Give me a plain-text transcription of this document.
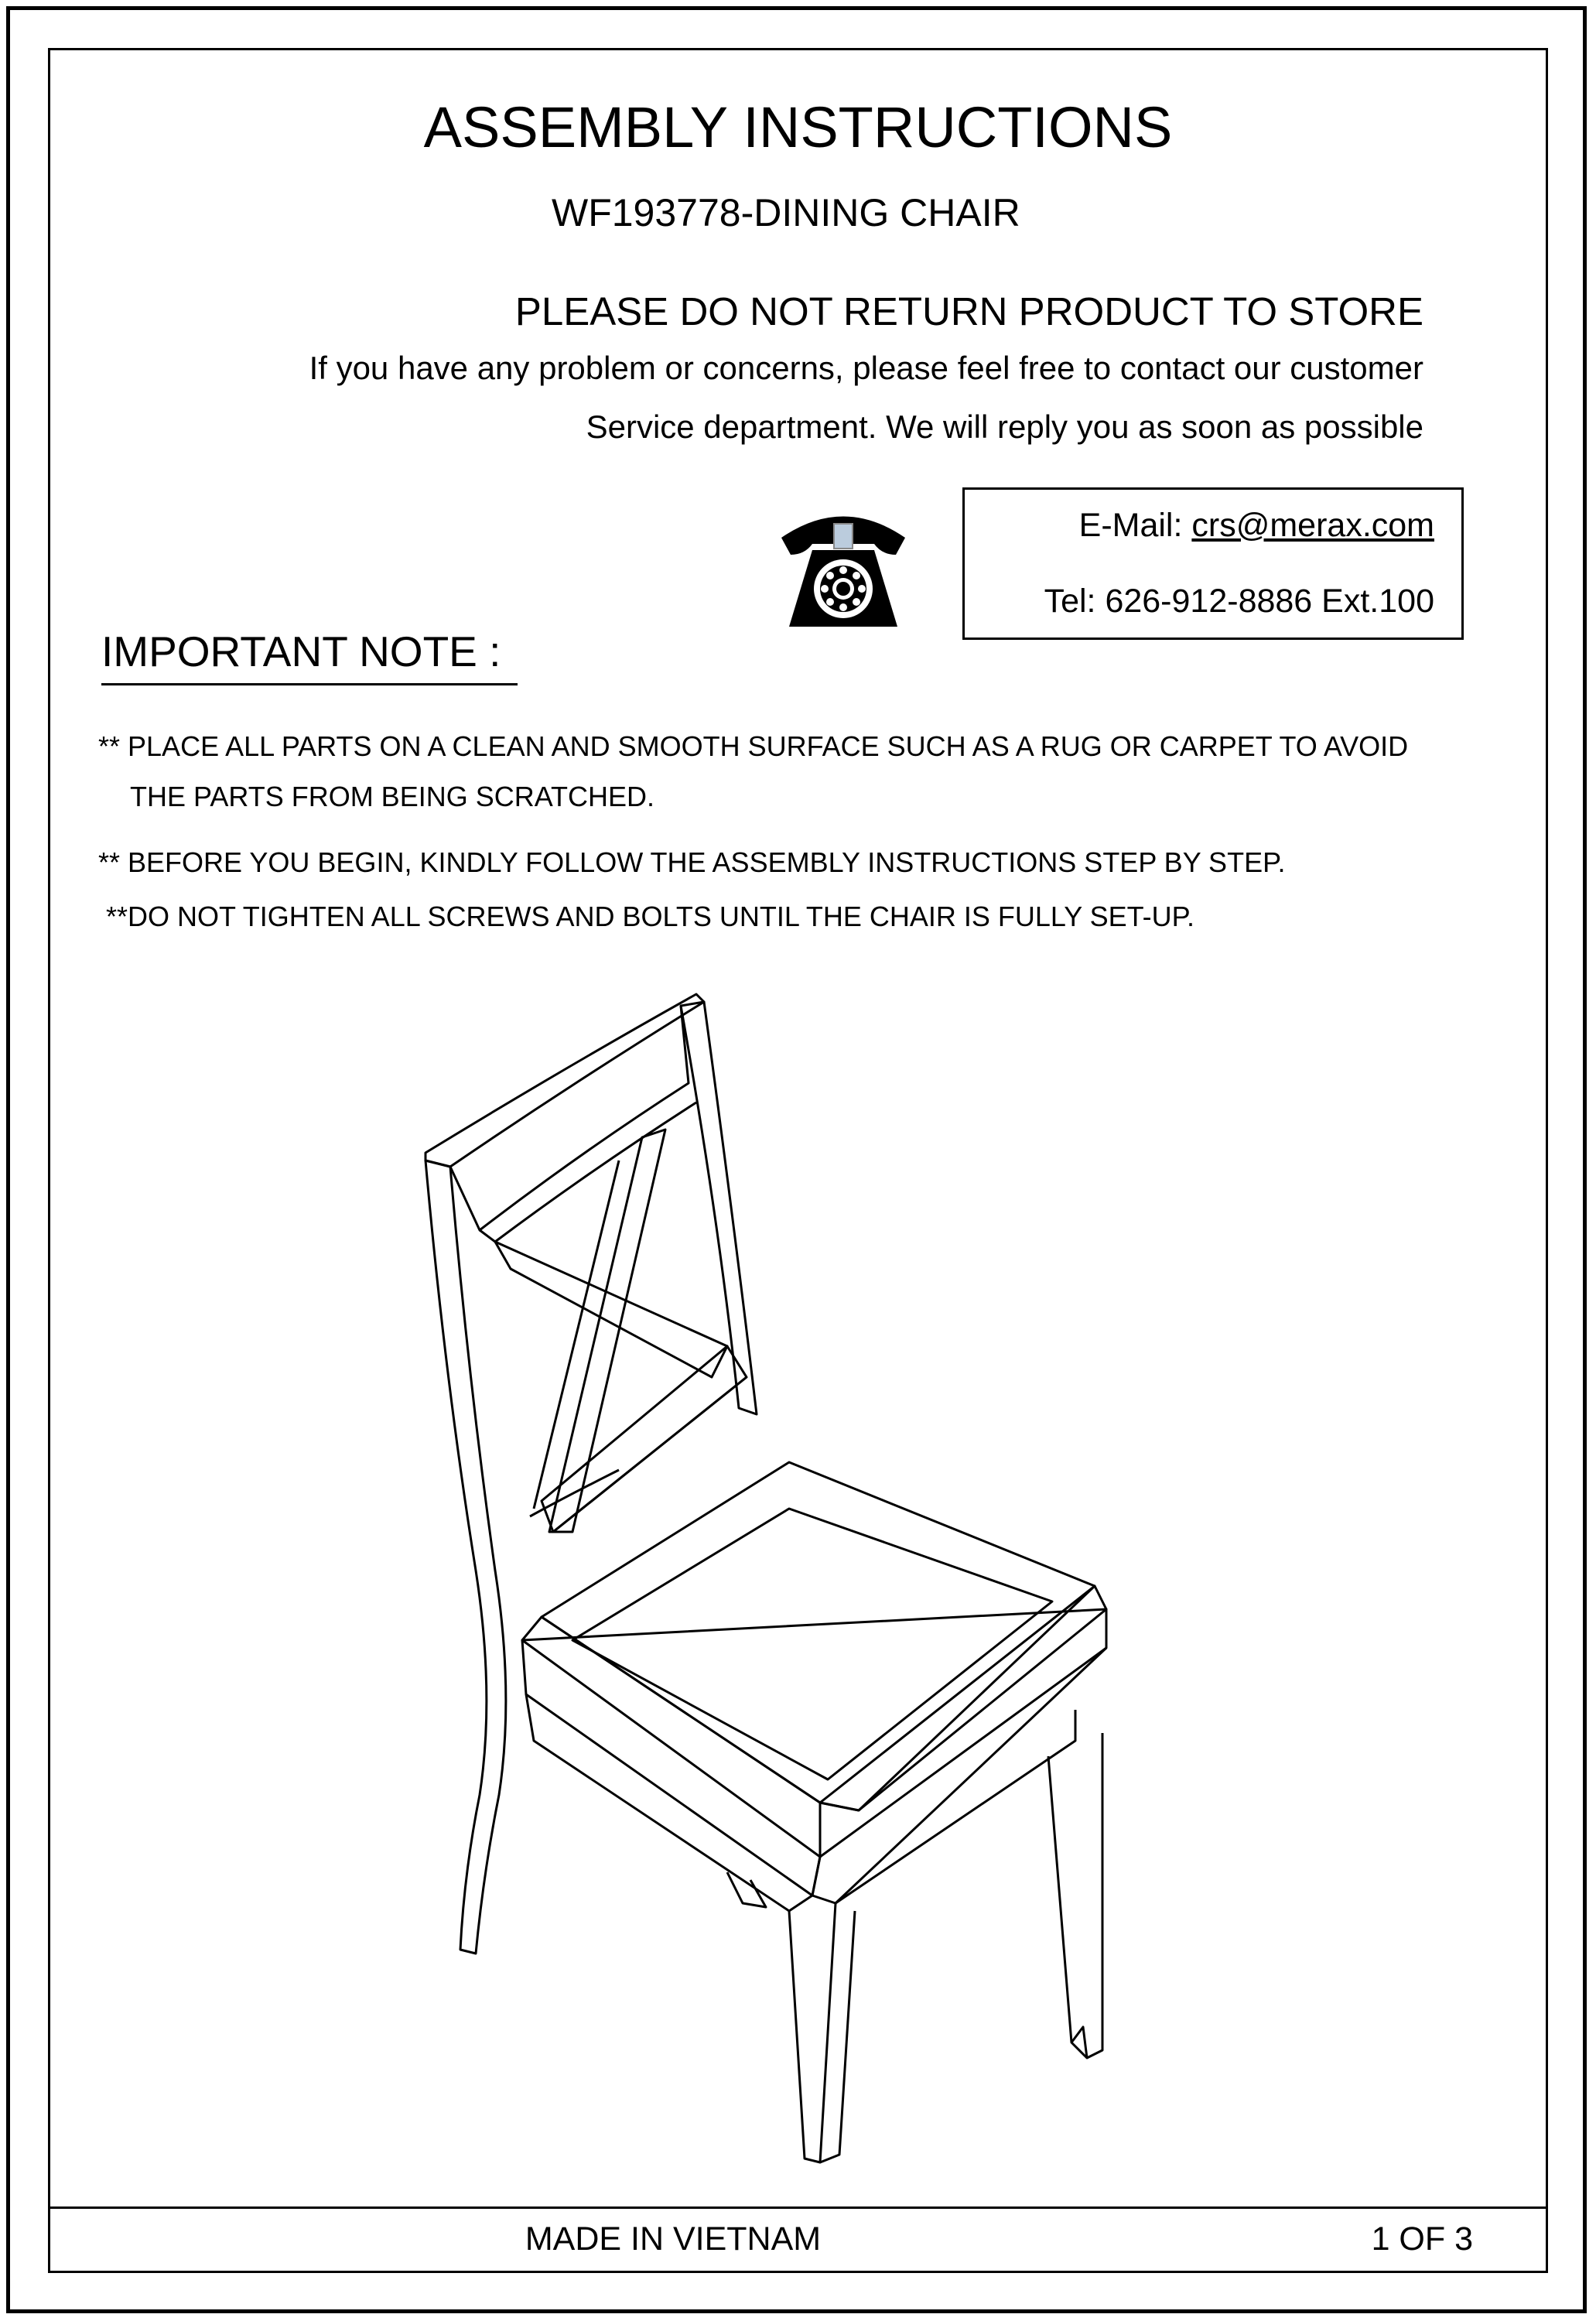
ASSEMBLY INSTRUCTIONS
WF193778-DINING CHAIR
PLEASE DO NOT RETURN PRODUCT TO STORE
If you have any problem or concerns, please feel free to contact our customer
Service department. We will reply you as soon as possible
E-Mail: crs@merax.com
Tel: 626-912-8886 Ext.100
IMPORTANT NOTE :
** PLACE ALL PARTS ON A CLEAN AND SMOOTH SURFACE SUCH AS A RUG OR CARPET TO AVOID
THE PARTS FROM BEING SCRATCHED.
** BEFORE YOU BEGIN, KINDLY FOLLOW THE ASSEMBLY INSTRUCTIONS STEP BY STEP.
**DO NOT TIGHTEN ALL SCREWS AND BOLTS UNTIL THE CHAIR IS FULLY SET-UP.
MADE IN VIETNAM	1 OF 3
